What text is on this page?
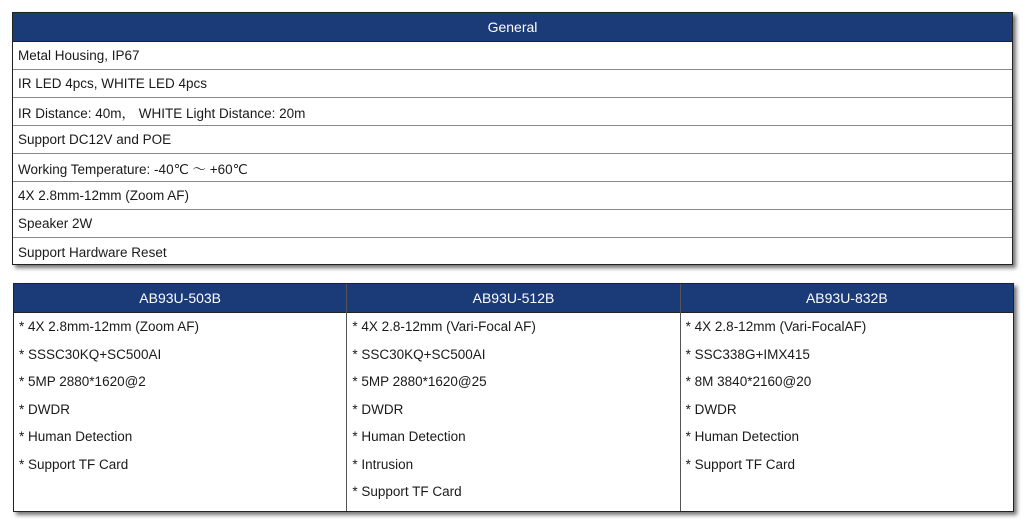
General
Metal Housing, IP67
IR LED 4pcs, WHITE LED 4pcs
IR Distance: 40m， WHITE Light Distance: 20m
Support DC12V and POE
Working Temperature: -40℃ ～ +60℃
4X 2.8mm-12mm (Zoom AF)
Speaker 2W
Support Hardware Reset
AB93U-503B
* 4X 2.8mm-12mm (Zoom AF)
* SSSC30KQ+SC500AI
* 5MP 2880*1620@2
* DWDR
* Human Detection
* Support TF Card
AB93U-512B
* 4X 2.8-12mm (Vari-Focal AF)
* SSC30KQ+SC500AI
* 5MP 2880*1620@25
* DWDR
* Human Detection
* Intrusion
* Support TF Card
AB93U-832B
* 4X 2.8-12mm (Vari-FocalAF)
* SSC338G+IMX415
* 8M 3840*2160@20
* DWDR
* Human Detection
* Support TF Card
